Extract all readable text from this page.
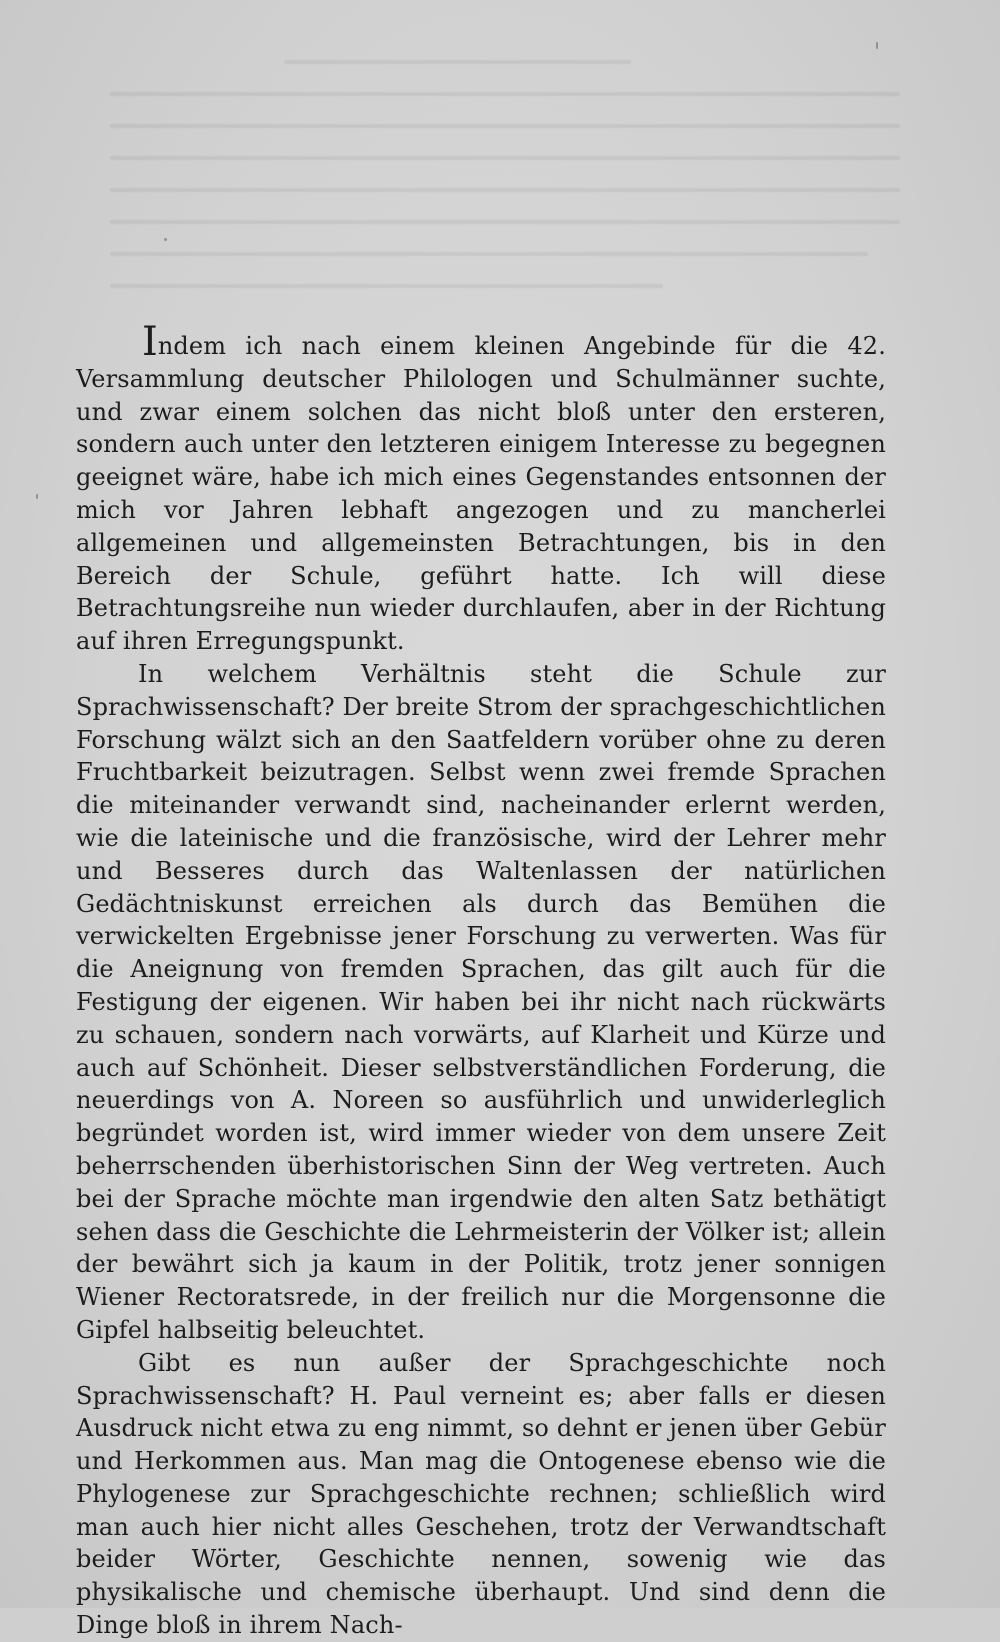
Indem ich nach einem kleinen Angebinde für die 42. Versammlung deutscher Philologen und Schulmänner suchte, und zwar einem solchen das nicht bloß unter den ersteren, sondern auch unter den letzteren einigem Interesse zu begegnen geeignet wäre, habe ich mich eines Gegenstandes entsonnen der mich vor Jahren lebhaft angezogen und zu mancherlei allgemeinen und allgemeinsten Betrachtungen, bis in den Bereich der Schule, geführt hatte. Ich will diese Betrachtungsreihe nun wieder durchlaufen, aber in der Richtung auf ihren Erregungspunkt.

In welchem Verhältnis steht die Schule zur Sprachwissenschaft? Der breite Strom der sprachgeschichtlichen Forschung wälzt sich an den Saatfeldern vorüber ohne zu deren Fruchtbarkeit beizutragen. Selbst wenn zwei fremde Sprachen die miteinander verwandt sind, nacheinander erlernt werden, wie die lateinische und die französische, wird der Lehrer mehr und Besseres durch das Waltenlassen der natürlichen Gedächtniskunst erreichen als durch das Bemühen die verwickelten Ergebnisse jener Forschung zu verwerten. Was für die Aneignung von fremden Sprachen, das gilt auch für die Festigung der eigenen. Wir haben bei ihr nicht nach rückwärts zu schauen, sondern nach vorwärts, auf Klarheit und Kürze und auch auf Schönheit. Dieser selbstverständlichen Forderung, die neuerdings von A. Noreen so ausführlich und unwiderleglich begründet worden ist, wird immer wieder von dem unsere Zeit beherrschenden überhistorischen Sinn der Weg vertreten. Auch bei der Sprache möchte man irgendwie den alten Satz bethätigt sehen dass die Geschichte die Lehrmeisterin der Völker ist; allein der bewährt sich ja kaum in der Politik, trotz jener sonnigen Wiener Rectoratsrede, in der freilich nur die Morgensonne die Gipfel halbseitig beleuchtet.

Gibt es nun außer der Sprachgeschichte noch Sprachwissenschaft? H. Paul verneint es; aber falls er diesen Ausdruck nicht etwa zu eng nimmt, so dehnt er jenen über Gebür und Herkommen aus. Man mag die Ontogenese ebenso wie die Phylogenese zur Sprachgeschichte rechnen; schließlich wird man auch hier nicht alles Geschehen, trotz der Verwandtschaft beider Wörter, Geschichte nennen, sowenig wie das physikalische und chemische überhaupt. Und sind denn die Dinge bloß in ihrem Nach-
